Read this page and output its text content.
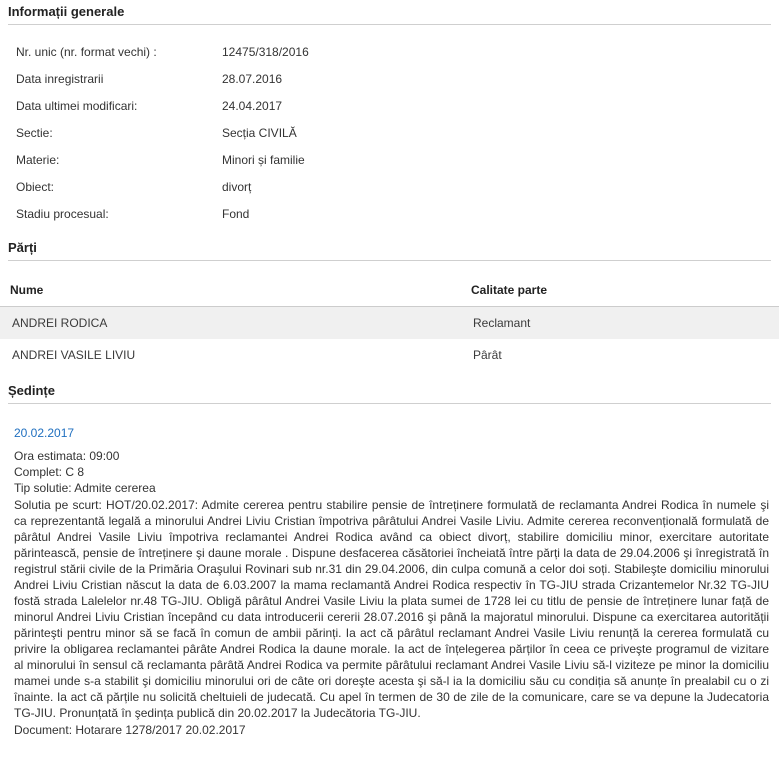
Informații generale
Nr. unic (nr. format vechi) :	12475/318/2016
Data inregistrarii	28.07.2016
Data ultimei modificari:	24.04.2017
Sectie:	Secția CIVILĂ
Materie:	Minori și familie
Obiect:	divorț
Stadiu procesual:	Fond
Părți
Nume	Calitate parte
ANDREI RODICA	Reclamant
ANDREI VASILE LIVIU	Pârât
Ședințe
20.02.2017
Ora estimata: 09:00
Complet: C 8
Tip solutie: Admite cererea
Solutia pe scurt: HOT/20.02.2017: Admite cererea pentru stabilire pensie de întreținere formulată de reclamanta Andrei Rodica în numele şi ca reprezentantă legală a minorului Andrei Liviu Cristian împotriva pârâtului Andrei Vasile Liviu. Admite cererea reconvențională formulată de pârâtul Andrei Vasile Liviu împotriva reclamantei Andrei Rodica având ca obiect divorț, stabilire domiciliu minor, exercitare autoritate părintească, pensie de întreținere şi daune morale . Dispune desfacerea căsătoriei încheiată între părți la data de 29.04.2006 şi înregistrată în registrul stării civile de la Primăria Oraşului Rovinari sub nr.31 din 29.04.2006, din culpa comună a celor doi soți. Stabileşte domiciliu minorului Andrei Liviu Cristian născut la data de 6.03.2007 la mama reclamantă Andrei Rodica respectiv în TG-JIU strada Crizantemelor Nr.32 TG-JIU fostă strada Lalelelor nr.48 TG-JIU. Obligă pârâtul Andrei Vasile Liviu la plata sumei de 1728 lei cu titlu de pensie de întreținere lunar față de minorul Andrei Liviu Cristian începând cu data introducerii cererii 28.07.2016 şi până la majoratul minorului. Dispune ca exercitarea autorității părinteşti pentru minor să se facă în comun de ambii părinți. Ia act că pârâtul reclamant Andrei Vasile Liviu renunță la cererea formulată cu privire la obligarea reclamantei pârâte Andrei Rodica la daune morale. Ia act de înțelegerea părților în ceea ce priveşte programul de vizitare al minorului în sensul că reclamanta pârâtă Andrei Rodica va permite pârâtului reclamant Andrei Vasile Liviu să-l viziteze pe minor la domiciliu mamei unde s-a stabilit şi domiciliu minorului ori de câte ori doreşte acesta şi să-l ia la domiciliu său cu condiția să anunțe în prealabil cu o zi înainte. Ia act că părțile nu solicită cheltuieli de judecată. Cu apel în termen de 30 de zile de la comunicare, care se va depune la Judecatoria TG-JIU. Pronunțată în şedința publică din 20.02.2017 la Judecătoria TG-JIU.
Document: Hotarare 1278/2017 20.02.2017
